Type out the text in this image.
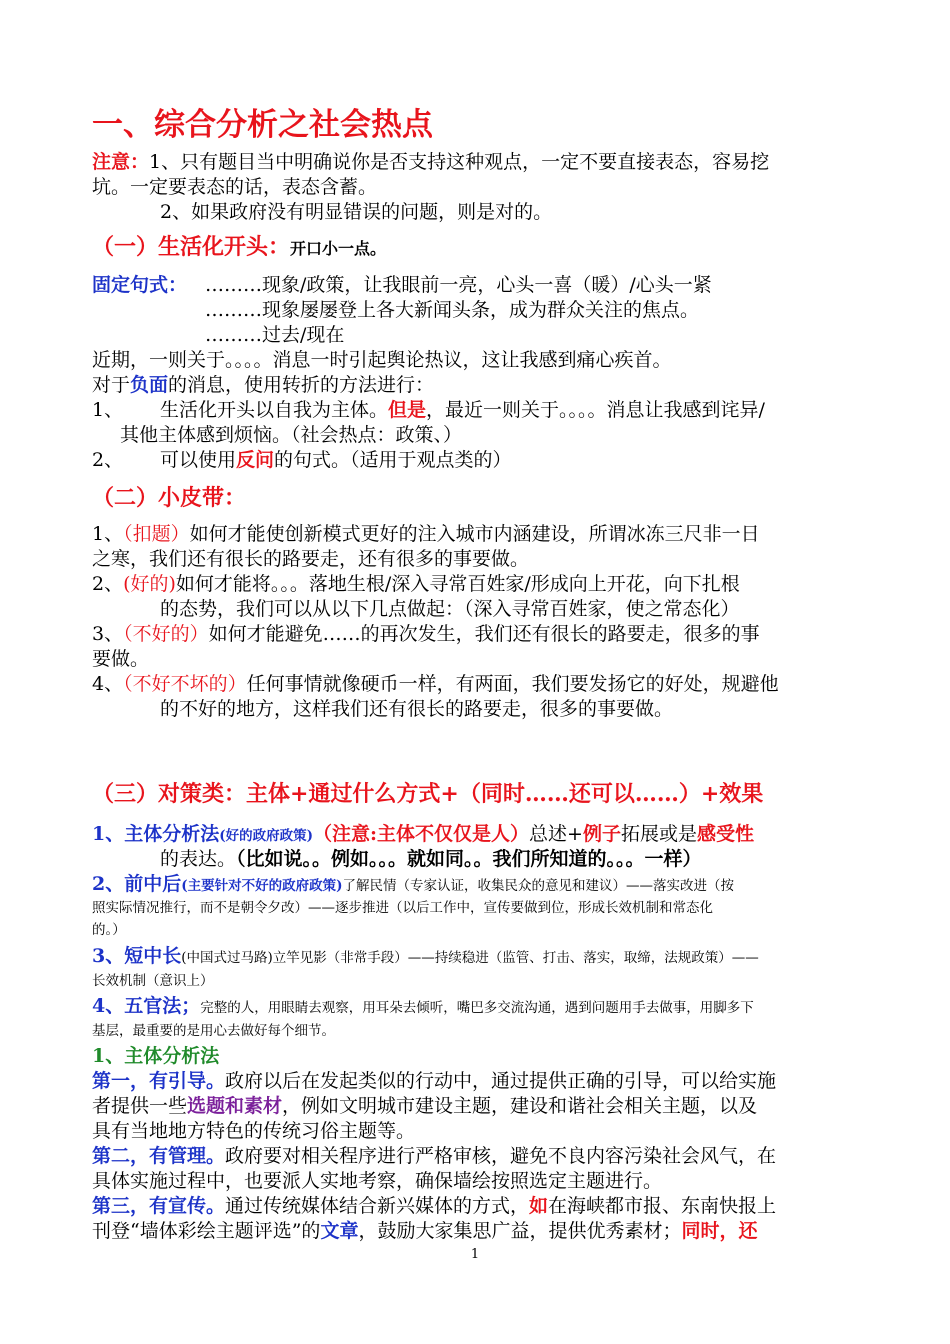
一、综合分析之社会热点
注意：1、只有题目当中明确说你是否支持这种观点，一定不要直接表态，容易挖
坑。一定要表态的话，表态含蓄。
2、如果政府没有明显错误的问题，则是对的。
（一）生活化开头：开口小一点。
固定句式： ………现象/政策，让我眼前一亮，心头一喜（暖）/心头一紧
………现象屡屡登上各大新闻头条，成为群众关注的焦点。
………过去/现在
近期，一则关于。。。。消息一时引起舆论热议，这让我感到痛心疾首。
对于负面的消息，使用转折的方法进行：
1、 生活化开头以自我为主体。但是，最近一则关于。。。。消息让我感到诧异/
其他主体感到烦恼。（社会热点：政策、）
2、 可以使用反问的句式。（适用于观点类的）
（二）小皮带：
1、（扣题）如何才能使创新模式更好的注入城市内涵建设，所谓冰冻三尺非一日
之寒，我们还有很长的路要走，还有很多的事要做。
2、(好的)如何才能将。。。落地生根/深入寻常百姓家/形成向上开花，向下扎根
的态势，我们可以从以下几点做起：（深入寻常百姓家，使之常态化）
3、（不好的）如何才能避免……的再次发生，我们还有很长的路要走，很多的事
要做。
4、（不好不坏的）任何事情就像硬币一样，有两面，我们要发扬它的好处，规避他
的不好的地方，这样我们还有很长的路要走，很多的事要做。
（三）对策类：主体+通过什么方式+（同时……还可以……）+效果
1、主体分析法(好的政府政策)（注意:主体不仅仅是人）总述+例子拓展或是感受性
的表达。（比如说。。例如。。。就如同。。我们所知道的。。。一样）
2、前中后(主要针对不好的政府政策)了解民情（专家认证，收集民众的意见和建议）——落实改进（按
照实际情况推行，而不是朝令夕改）——逐步推进（以后工作中，宣传要做到位，形成长效机制和常态化
的。）
3、短中长(中国式过马路)立竿见影（非常手段）——持续稳进（监管、打击、落实，取缔，法规政策）——
长效机制（意识上）
4、五官法；完整的人，用眼睛去观察，用耳朵去倾听，嘴巴多交流沟通，遇到问题用手去做事，用脚多下
基层，最重要的是用心去做好每个细节。
1、主体分析法
第一，有引导。政府以后在发起类似的行动中，通过提供正确的引导，可以给实施
者提供一些选题和素材，例如文明城市建设主题，建设和谐社会相关主题，以及
具有当地地方特色的传统习俗主题等。
第二，有管理。政府要对相关程序进行严格审核，避免不良内容污染社会风气，在
具体实施过程中，也要派人实地考察，确保墙绘按照选定主题进行。
第三，有宣传。通过传统媒体结合新兴媒体的方式，如在海峡都市报、东南快报上
刊登“墙体彩绘主题评选”的文章，鼓励大家集思广益，提供优秀素材；同时，还
1
